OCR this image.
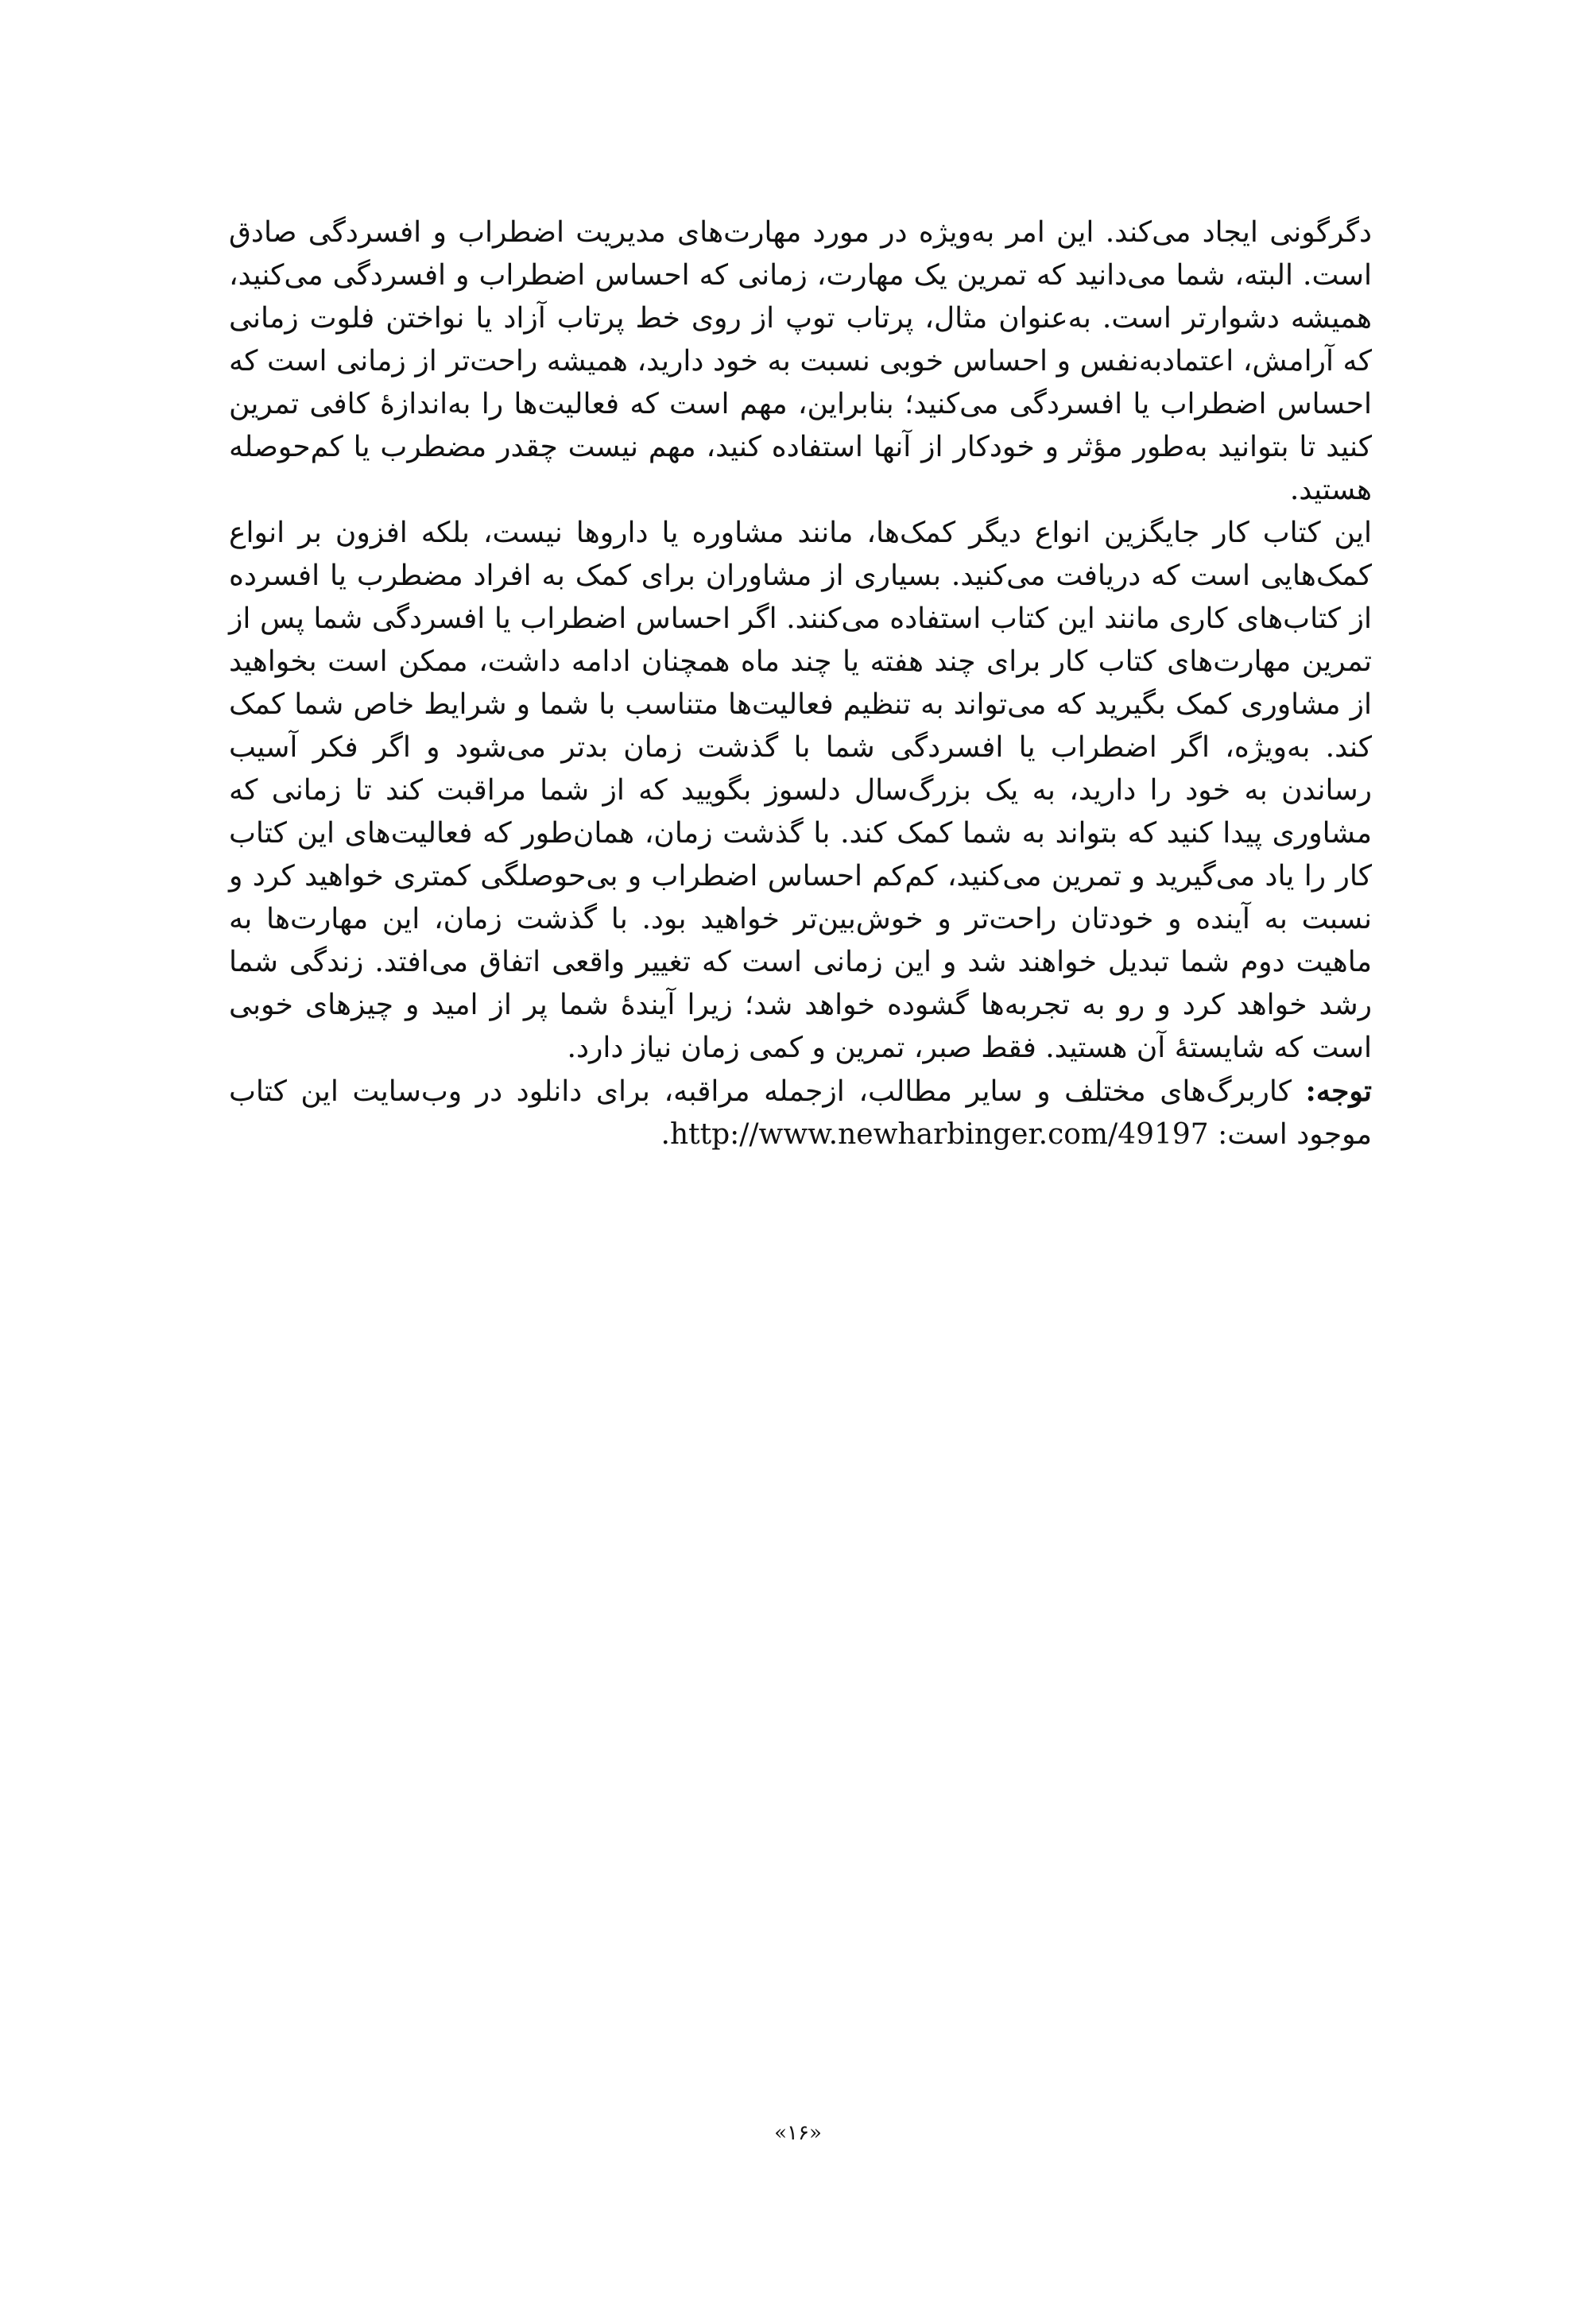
دگرگونی ایجاد می‌کند. این امر به‌ویژه در مورد مهارت‌های مدیریت اضطراب و افسردگی صادق است. البته، شما می‌دانید که تمرین یک مهارت، زمانی که احساس اضطراب و افسردگی می‌کنید، همیشه دشوارتر است. به‌عنوان مثال، پرتاب توپ از روی خط پرتاب آزاد یا نواختن فلوت زمانی که آرامش، اعتمادبه‌نفس و احساس خوبی نسبت به خود دارید، همیشه راحت‌تر از زمانی است که احساس اضطراب یا افسردگی می‌کنید؛ بنابراین، مهم است که فعالیت‌ها را به‌اندازهٔ کافی تمرین کنید تا بتوانید به‌طور مؤثر و خودکار از آنها استفاده کنید، مهم نیست چقدر مضطرب یا کم‌حوصله هستید.

این کتاب کار جایگزین انواع دیگر کمک‌ها، مانند مشاوره یا داروها نیست، بلکه افزون بر انواع کمک‌هایی است که دریافت می‌کنید. بسیاری از مشاوران برای کمک به افراد مضطرب یا افسرده از کتاب‌های کاری مانند این کتاب استفاده می‌کنند. اگر احساس اضطراب یا افسردگی شما پس از تمرین مهارت‌های کتاب کار برای چند هفته یا چند ماه همچنان ادامه داشت، ممکن است بخواهید از مشاوری کمک بگیرید که می‌تواند به تنظیم فعالیت‌ها متناسب با شما و شرایط خاص شما کمک کند. به‌ویژه، اگر اضطراب یا افسردگی شما با گذشت زمان بدتر می‌شود و اگر فکر آسیب رساندن به خود را دارید، به یک بزرگ‌سال دلسوز بگویید که از شما مراقبت کند تا زمانی که مشاوری پیدا کنید که بتواند به شما کمک کند. با گذشت زمان، همان‌طور که فعالیت‌های این کتاب کار را یاد می‌گیرید و تمرین می‌کنید، کم‌کم احساس اضطراب و بی‌حوصلگی کمتری خواهید کرد و نسبت به آینده و خودتان راحت‌تر و خوش‌بین‌تر خواهید بود. با گذشت زمان، این مهارت‌ها به ماهیت دوم شما تبدیل خواهند شد و این زمانی است که تغییر واقعی اتفاق می‌افتد. زندگی شما رشد خواهد کرد و رو به تجربه‌ها گشوده خواهد شد؛ زیرا آیندهٔ شما پر از امید و چیزهای خوبی است که شایستهٔ آن هستید. فقط صبر، تمرین و کمی زمان نیاز دارد.

توجه: کاربرگ‌های مختلف و سایر مطالب، ازجمله مراقبه، برای دانلود در وب‌سایت این کتاب موجود است: http://www.newharbinger.com/49197.

«۱۶»
